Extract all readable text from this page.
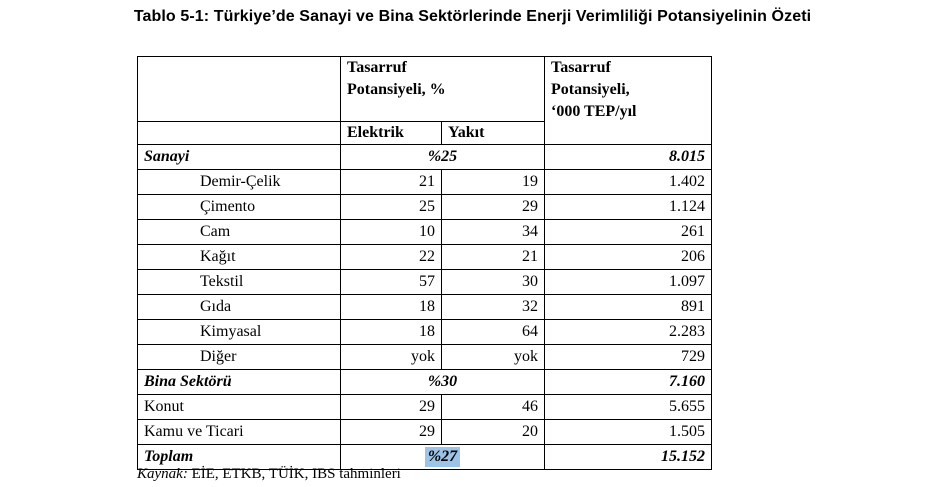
Tablo 5-1: Türkiye’de Sanayi ve Bina Sektörlerinde Enerji Verimliliği Potansiyelinin Özeti
	Tasarruf
Potansiyeli, %		Tasarruf
Potansiyeli,
‘000 TEP/yıl
	Elektrik	Yakıt	
Sanayi	%25		8.015
Demir-Çelik	21	19	1.402
Çimento	25	29	1.124
Cam	10	34	261
Kağıt	22	21	206
Tekstil	57	30	1.097
Gıda	18	32	891
Kimyasal	18	64	2.283
Diğer	yok	yok	729
Bina Sektörü	%30		7.160
Konut	29	46	5.655
Kamu ve Ticari	29	20	1.505
Toplam	%27		15.152
Kaynak: EİE, ETKB, TÜİK, IBS tahminleri
